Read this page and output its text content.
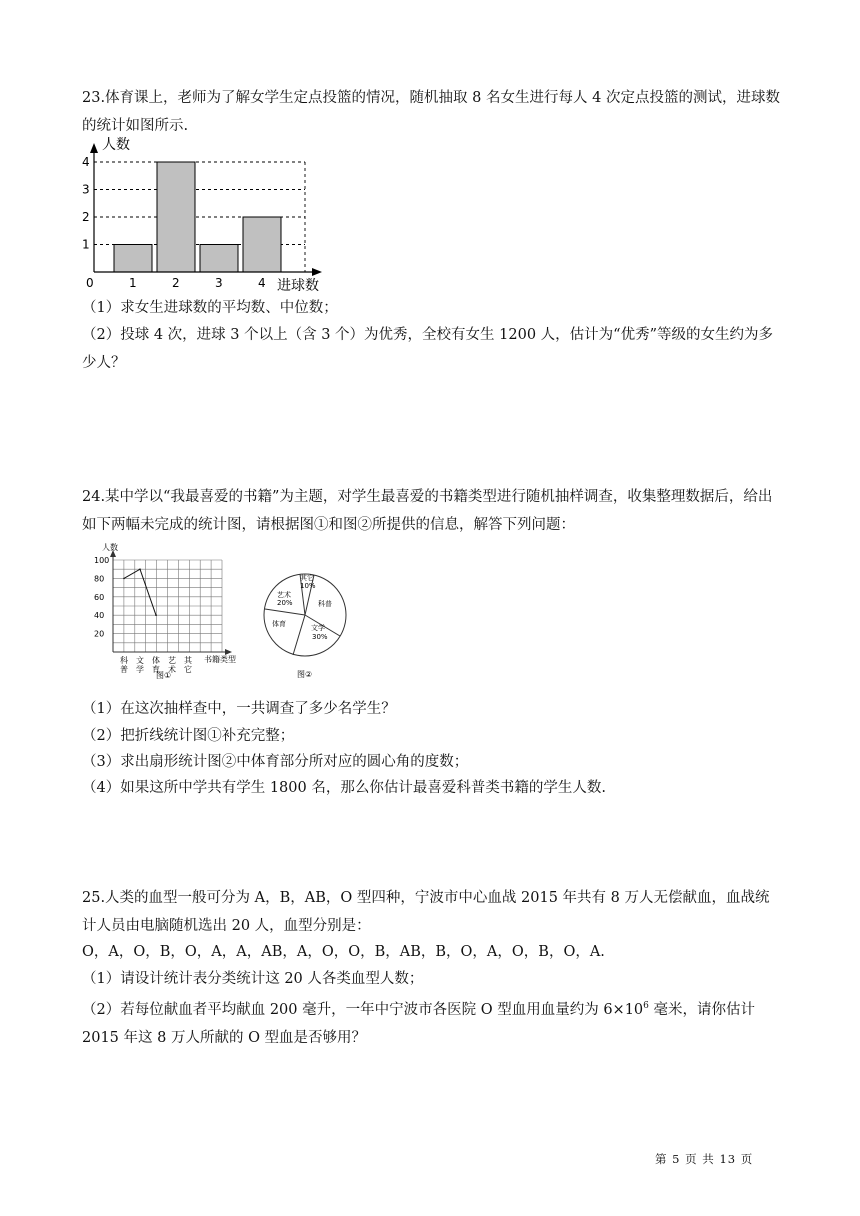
23.体育课上，老师为了解女学生定点投篮的情况，随机抽取 8 名女生进行每人 4 次定点投篮的测试，进球数的统计如图所示.

1
2
3
4
1	2	3	4
人数
进球数
0

（1）求女生进球数的平均数、中位数；

（2）投球 4 次，进球 3 个以上（含 3 个）为优秀，全校有女生 1200 人，估计为“优秀”等级的女生约为多少人？

24.某中学以“我最喜爱的书籍”为主题，对学生最喜爱的书籍类型进行随机抽样调查，收集整理数据后，给出如下两幅未完成的统计图，请根据图①和图②所提供的信息，解答下列问题：

20
40
60
80
100
科
普
文
学
体
育
艺
术
其
它
人数
书籍类型
图①
其它
10%
科普
文学
30%
体育
艺术
20%
图②

（1）在这次抽样查中，一共调查了多少名学生？

（2）把折线统计图①补充完整；

（3）求出扇形统计图②中体育部分所对应的圆心角的度数；

（4）如果这所中学共有学生 1800 名，那么你估计最喜爱科普类书籍的学生人数.

25.人类的血型一般可分为 A，B，AB，O 型四种，宁波市中心血战 2015 年共有 8 万人无偿献血，血战统计人员由电脑随机选出 20 人，血型分别是：

O，A，O，B，O，A，A，AB，A，O，O，B，AB，B，O，A，O，B，O，A.

（1）请设计统计表分类统计这 20 人各类血型人数；

（2）若每位献血者平均献血 200 毫升，一年中宁波市各医院 O 型血用血量约为 $6\times 10^6$ 毫米，请你估计 2015 年这 8 万人所献的 O 型血是否够用？

第 5 页 共 13 页
